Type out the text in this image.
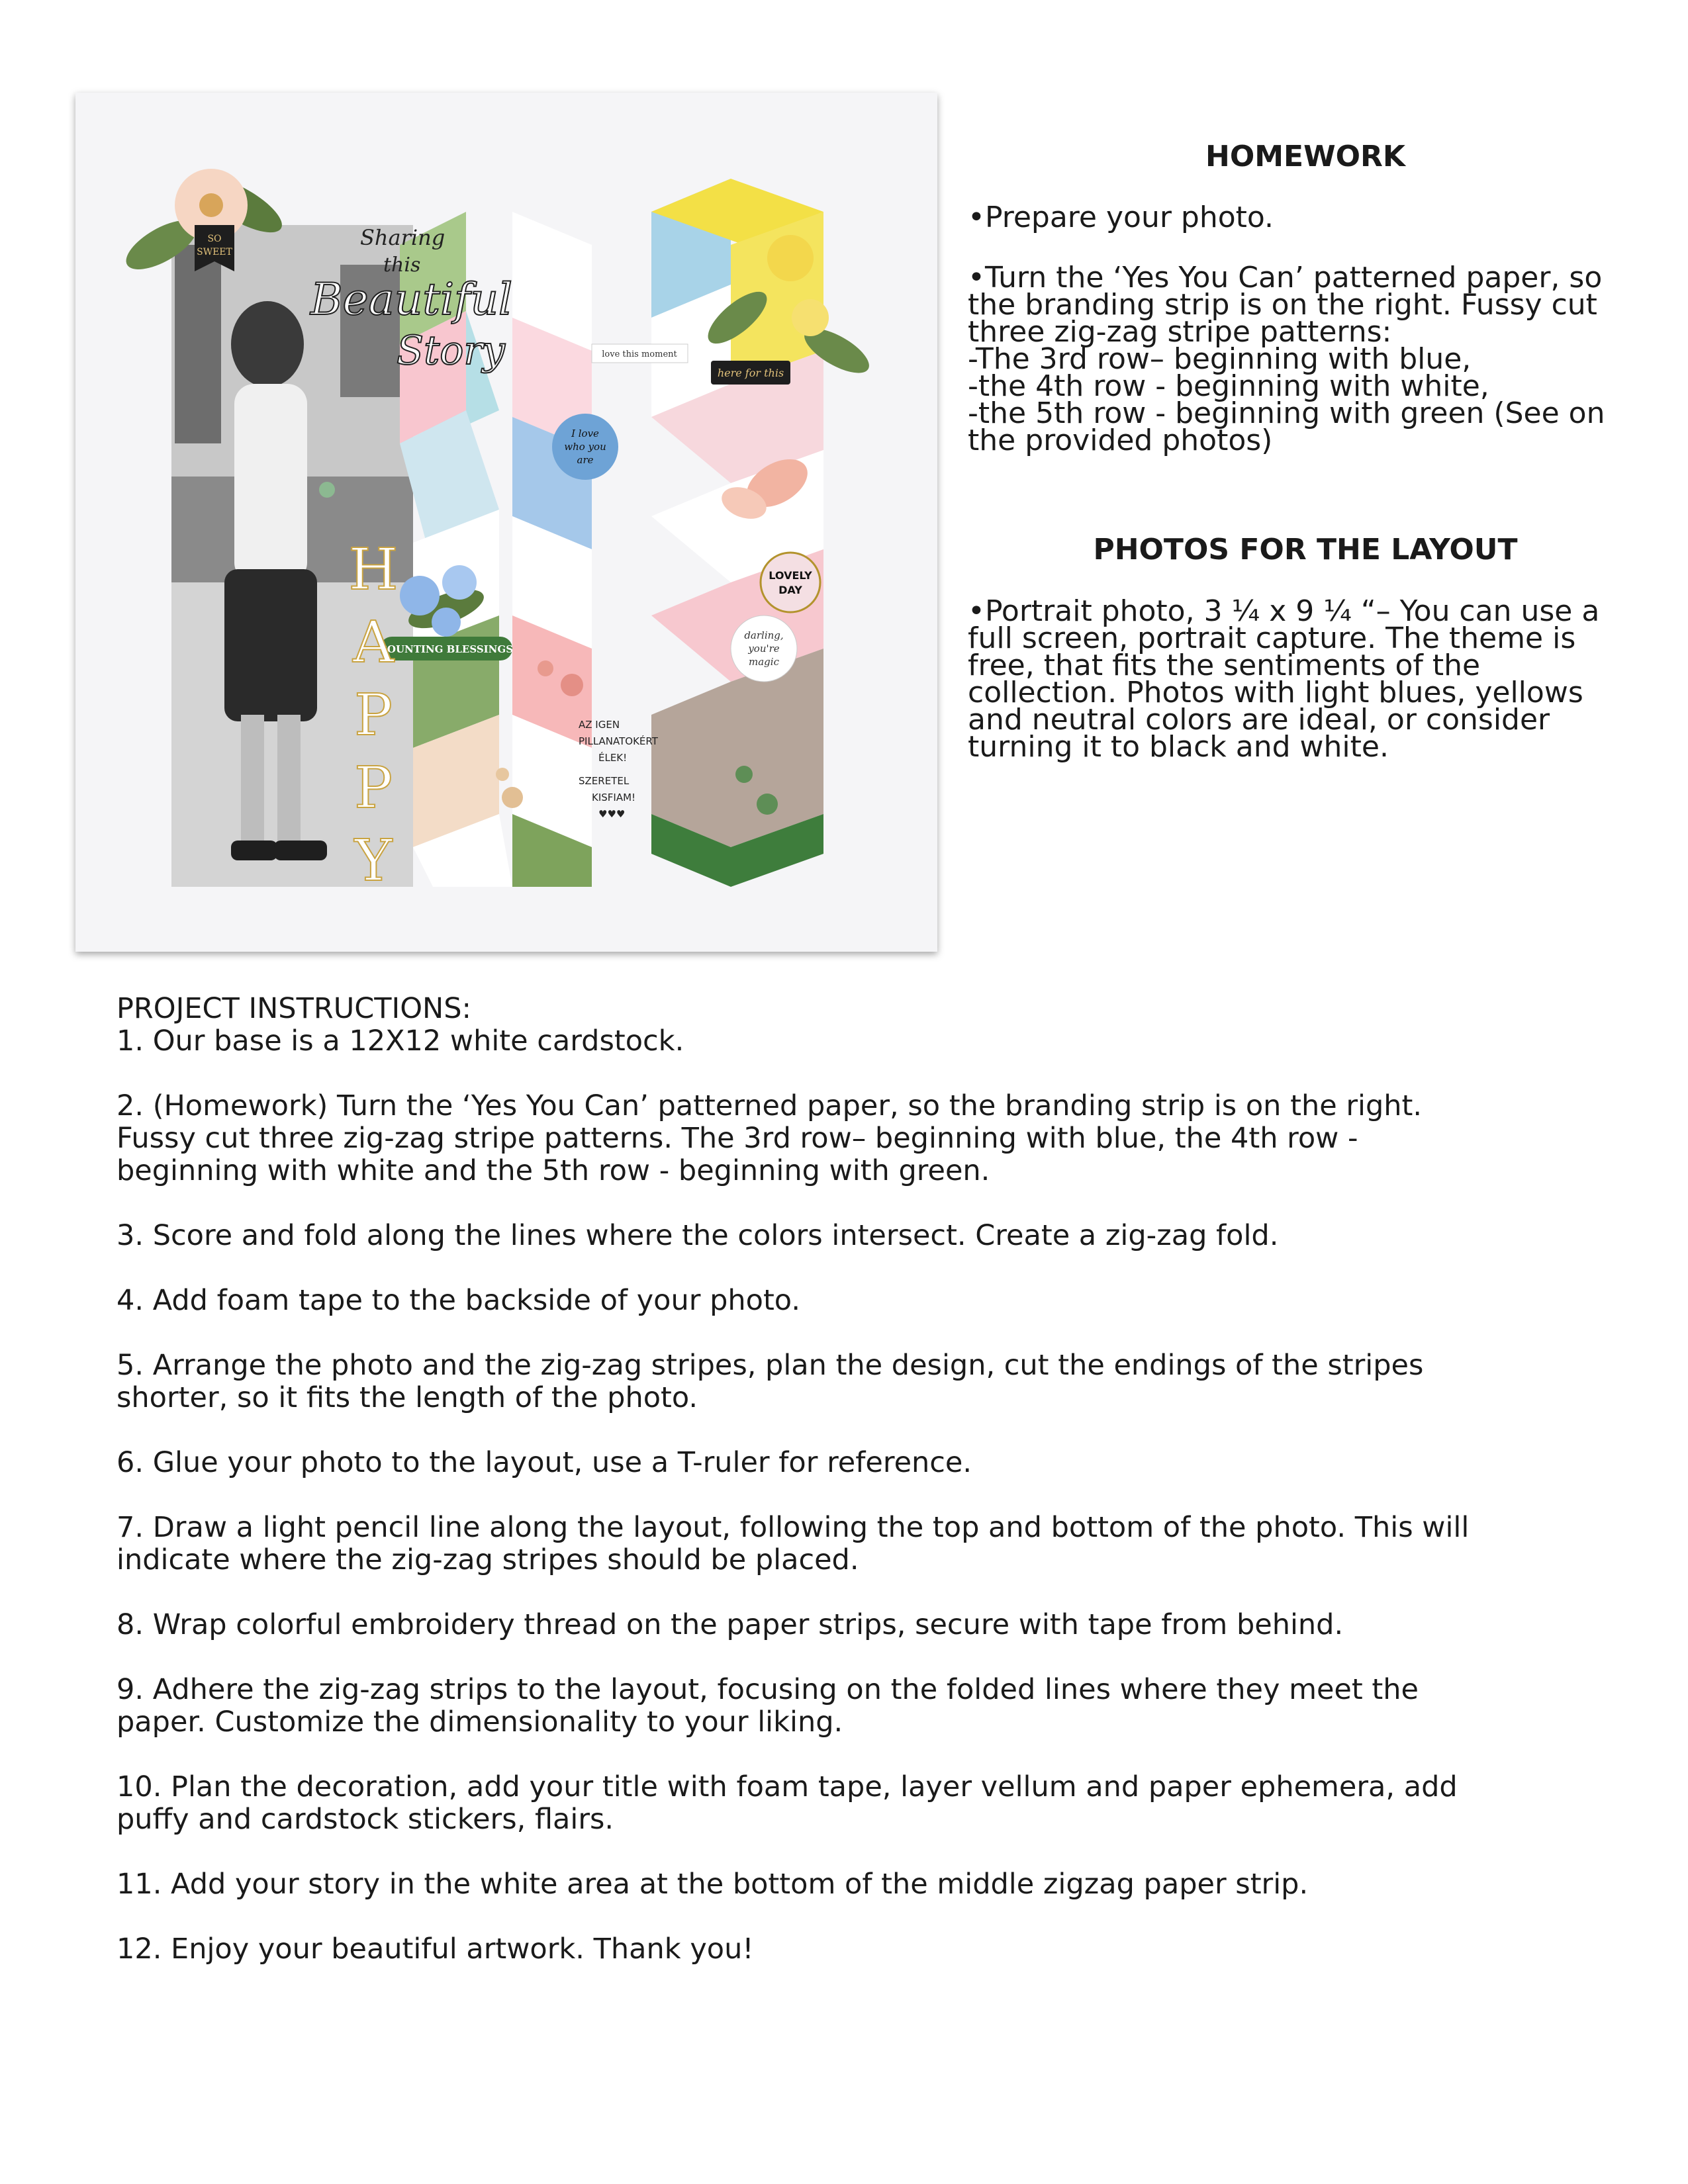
SO
SWEET
Sharing
this
Beautiful
Story	love this moment
here for this
I love
who you
are
LOVELY
DAY
darling,
you're
magic
COUNTING BLESSINGS
H
A
P
P
Y
AZ IGEN
PILLANATOKÉRT
ÉLEK!
SZERETEL
KISFIAM!
♥♥♥
HOMEWORK
•Prepare your photo.

•Turn the ‘Yes You Can’ patterned paper, so

the branding strip is on the right. Fussy cut

three zig-zag stripe patterns:

-The 3rd row– beginning with blue,

-the 4th row - beginning with white,

-the 5th row - beginning with green (See on

the provided photos)

PHOTOS FOR THE LAYOUT

•Portrait photo, 3 ¼ x 9 ¼ “– You can use a

full screen, portrait capture. The theme is

free, that fits the sentiments of the

collection. Photos with light blues, yellows

and neutral colors are ideal, or consider

turning it to black and white.

PROJECT INSTRUCTIONS:

1. Our base is a 12X12 white cardstock.

2. (Homework) Turn the ‘Yes You Can’ patterned paper, so the branding strip is on the right.

Fussy cut three zig-zag stripe patterns. The 3rd row– beginning with blue, the 4th row -

beginning with white and the 5th row - beginning with green.

3. Score and fold along the lines where the colors intersect. Create a zig-zag fold.

4. Add foam tape to the backside of your photo.

5. Arrange the photo and the zig-zag stripes, plan the design, cut the endings of the stripes

shorter, so it fits the length of the photo.

6. Glue your photo to the layout, use a T-ruler for reference.

7. Draw a light pencil line along the layout, following the top and bottom of the photo. This will

indicate where the zig-zag stripes should be placed.

8. Wrap colorful embroidery thread on the paper strips, secure with tape from behind.

9. Adhere the zig-zag strips to the layout, focusing on the folded lines where they meet the

paper. Customize the dimensionality to your liking.

10. Plan the decoration, add your title with foam tape, layer vellum and paper ephemera, add

puffy and cardstock stickers, flairs.

11. Add your story in the white area at the bottom of the middle zigzag paper strip.

12. Enjoy your beautiful artwork. Thank you!
